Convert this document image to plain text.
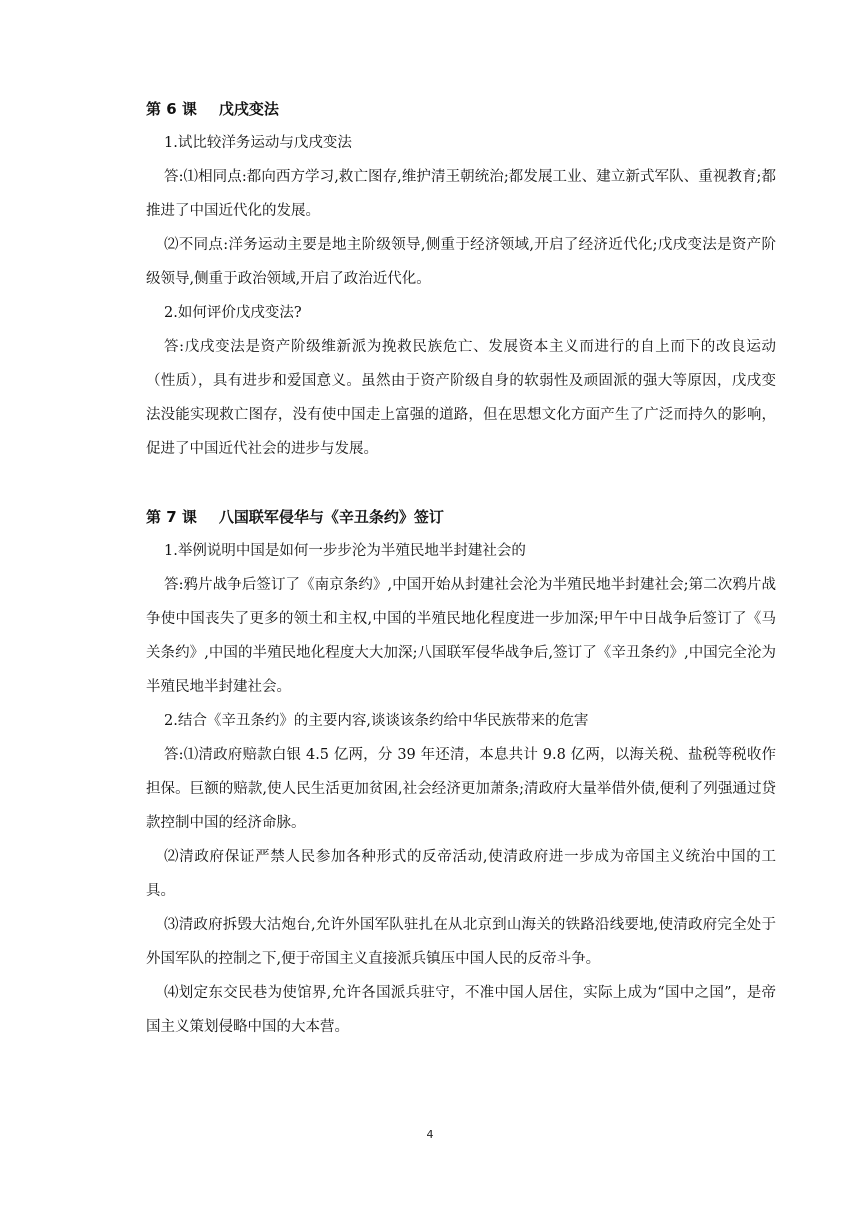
第 6 课 戊戌变法

1.试比较洋务运动与戊戌变法

答:⑴相同点:都向西方学习,救亡图存,维护清王朝统治;都发展工业、建立新式军队、重视教育;都推进了中国近代化的发展。

⑵不同点:洋务运动主要是地主阶级领导,侧重于经济领域,开启了经济近代化;戊戌变法是资产阶级领导,侧重于政治领域,开启了政治近代化。

2.如何评价戊戌变法?

答:戊戌变法是资产阶级维新派为挽救民族危亡、发展资本主义而进行的自上而下的改良运动（性质），具有进步和爱国意义。虽然由于资产阶级自身的软弱性及顽固派的强大等原因，戊戌变法没能实现救亡图存，没有使中国走上富强的道路，但在思想文化方面产生了广泛而持久的影响，促进了中国近代社会的进步与发展。

第 7 课 八国联军侵华与《辛丑条约》签订

1.举例说明中国是如何一步步沦为半殖民地半封建社会的

答:鸦片战争后签订了《南京条约》,中国开始从封建社会沦为半殖民地半封建社会;第二次鸦片战争使中国丧失了更多的领土和主权,中国的半殖民地化程度进一步加深;甲午中日战争后签订了《马关条约》,中国的半殖民地化程度大大加深;八国联军侵华战争后,签订了《辛丑条约》,中国完全沦为半殖民地半封建社会。

2.结合《辛丑条约》的主要内容,谈谈该条约给中华民族带来的危害

答:⑴清政府赔款白银 4.5 亿两，分 39 年还清，本息共计 9.8 亿两，以海关税、盐税等税收作担保。巨额的赔款,使人民生活更加贫困,社会经济更加萧条;清政府大量举借外债,便利了列强通过贷款控制中国的经济命脉。

⑵清政府保证严禁人民参加各种形式的反帝活动,使清政府进一步成为帝国主义统治中国的工具。

⑶清政府拆毁大沽炮台,允许外国军队驻扎在从北京到山海关的铁路沿线要地,使清政府完全处于外国军队的控制之下,便于帝国主义直接派兵镇压中国人民的反帝斗争。

⑷划定东交民巷为使馆界,允许各国派兵驻守，不准中国人居住，实际上成为“国中之国”，是帝国主义策划侵略中国的大本营。

4
